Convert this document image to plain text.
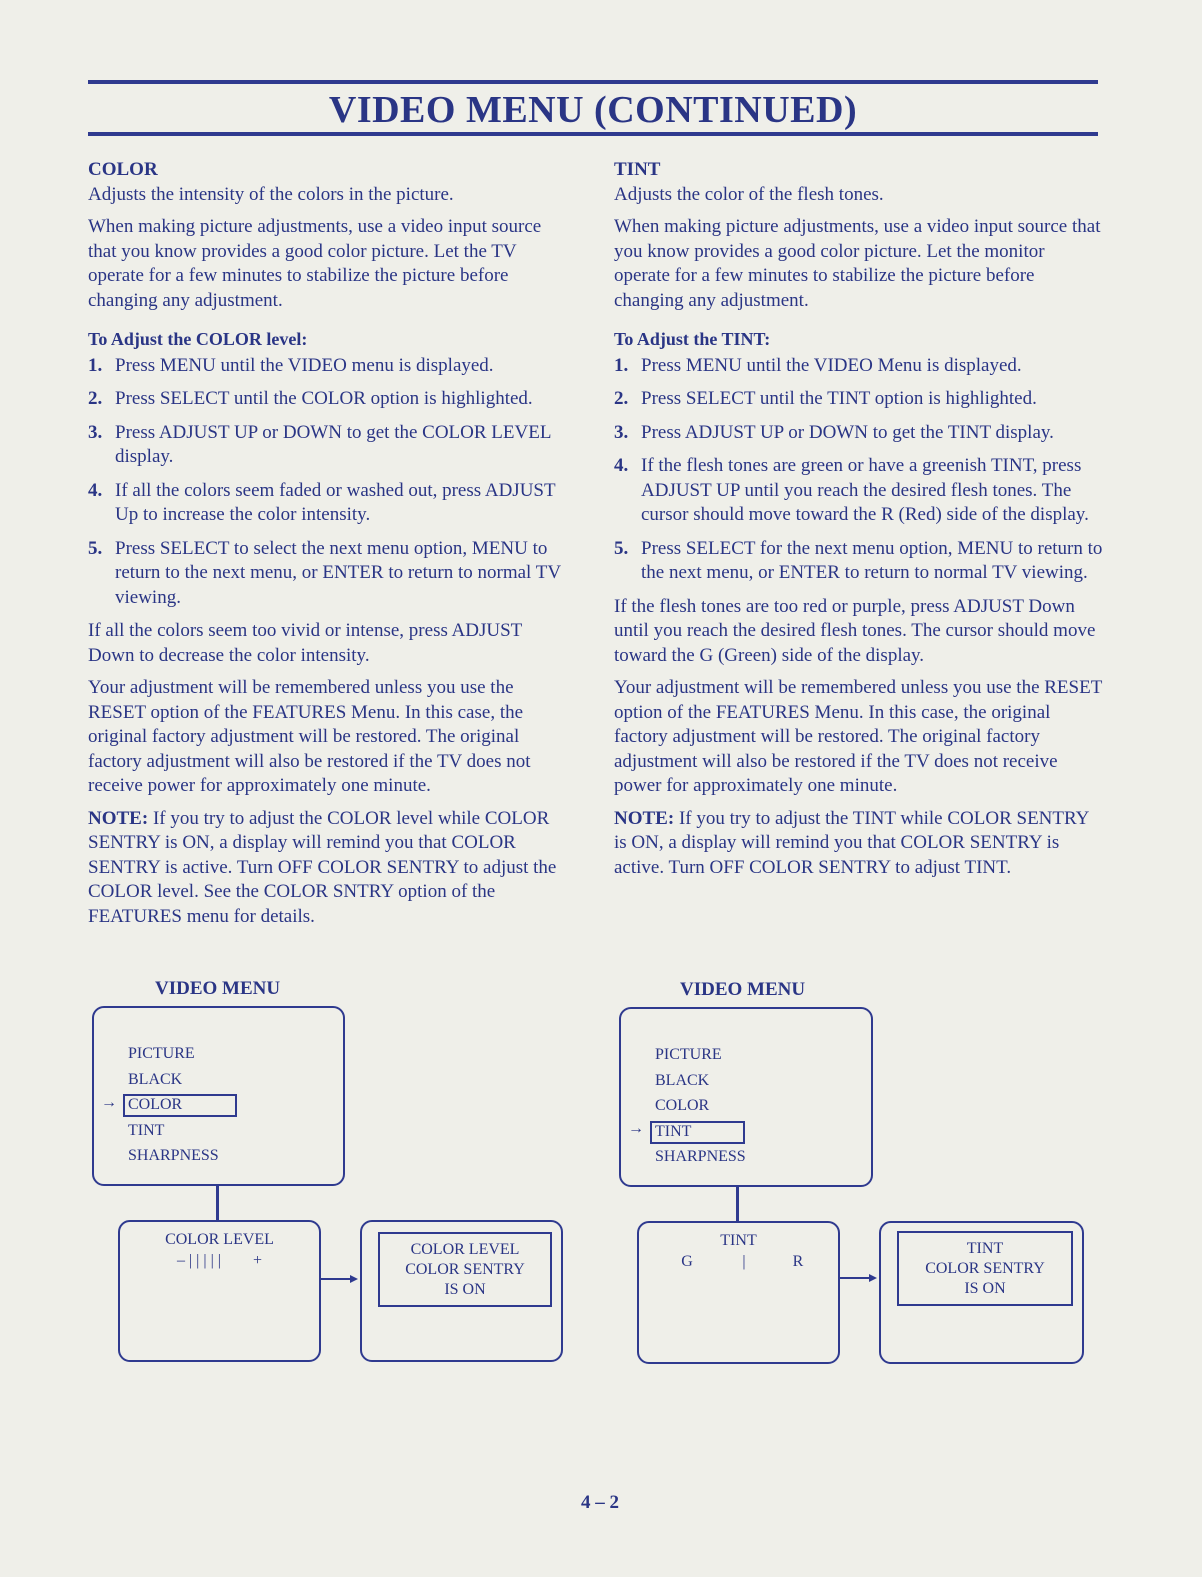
VIDEO MENU (CONTINUED)
COLOR

Adjusts the intensity of the colors in the picture.

When making picture adjustments, use a video input source that you know provides a good color picture. Let the TV operate for a few minutes to stabilize the picture before changing any adjustment.

To Adjust the COLOR level:
1. Press MENU until the VIDEO menu is displayed.
2. Press SELECT until the COLOR option is highlighted.
3. Press ADJUST UP or DOWN to get the COLOR LEVEL display.
4. If all the colors seem faded or washed out, press ADJUST Up to increase the color intensity.
5. Press SELECT to select the next menu option, MENU to return to the next menu, or ENTER to return to normal TV viewing.

If all the colors seem too vivid or intense, press ADJUST Down to decrease the color intensity.

Your adjustment will be remembered unless you use the RESET option of the FEATURES Menu. In this case, the original factory adjustment will be restored. The original factory adjustment will also be restored if the TV does not receive power for approximately one minute.

NOTE: If you try to adjust the COLOR level while COLOR SENTRY is ON, a display will remind you that COLOR SENTRY is active. Turn OFF COLOR SENTRY to adjust the COLOR level. See the COLOR SNTRY option of the FEATURES menu for details.

TINT

Adjusts the color of the flesh tones.

When making picture adjustments, use a video input source that you know provides a good color picture. Let the monitor operate for a few minutes to stabilize the picture before changing any adjustment.

To Adjust the TINT:
1. Press MENU until the VIDEO Menu is displayed.
2. Press SELECT until the TINT option is highlighted.
3. Press ADJUST UP or DOWN to get the TINT display.
4. If the flesh tones are green or have a greenish TINT, press ADJUST UP until you reach the desired flesh tones. The cursor should move toward the R (Red) side of the display.
5. Press SELECT for the next menu option, MENU to return to the next menu, or ENTER to return to normal TV viewing.

If the flesh tones are too red or purple, press ADJUST Down until you reach the desired flesh tones. The cursor should move toward the G (Green) side of the display.

Your adjustment will be remembered unless you use the RESET option of the FEATURES Menu. In this case, the original factory adjustment will be restored. The original factory adjustment will also be restored if the TV does not receive power for approximately one minute.

NOTE: If you try to adjust the TINT while COLOR SENTRY is ON, a display will remind you that COLOR SENTRY is active. Turn OFF COLOR SENTRY to adjust TINT.

VIDEO MENU
PICTURE
BLACK
COLOR
TINT
SHARPNESS
→
COLOR LEVEL
– | | | | |        +
COLOR LEVEL
COLOR SENTRY
IS ON
VIDEO MENU
PICTURE
BLACK
COLOR
TINT
SHARPNESS
→
TINT
G	|	R
TINT
COLOR SENTRY
IS ON
4 – 2
